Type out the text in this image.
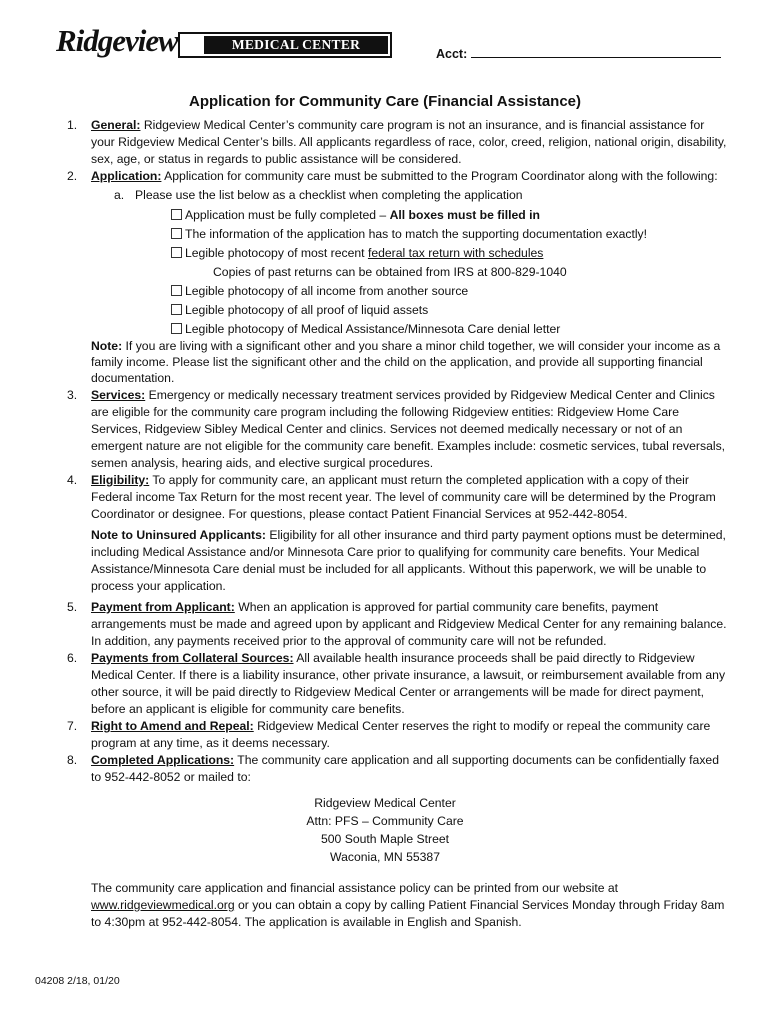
Ridgeview	MEDICAL CENTER
Acct:
Application for Community Care (Financial Assistance)
1. General: Ridgeview Medical Center’s community care program is not an insurance, and is financial assistance for your Ridgeview Medical Center’s bills. All applicants regardless of race, color, creed, religion, national origin, disability, sex, age, or status in regards to public assistance will be considered.
2. Application: Application for community care must be submitted to the Program Coordinator along with the following:
a. Please use the list below as a checklist when completing the application
Application must be fully completed – All boxes must be filled in
The information of the application has to match the supporting documentation exactly!
Legible photocopy of most recent federal tax return with schedules
Copies of past returns can be obtained from IRS at 800-829-1040
Legible photocopy of all income from another source
Legible photocopy of all proof of liquid assets
Legible photocopy of Medical Assistance/Minnesota Care denial letter
Note: If you are living with a significant other and you share a minor child together, we will consider your income as a family income. Please list the significant other and the child on the application, and provide all supporting financial documentation.
3. Services: Emergency or medically necessary treatment services provided by Ridgeview Medical Center and Clinics are eligible for the community care program including the following Ridgeview entities: Ridgeview Home Care Services, Ridgeview Sibley Medical Center and clinics. Services not deemed medically necessary or not of an emergent nature are not eligible for the community care benefit. Examples include: cosmetic services, tubal reversals, semen analysis, hearing aids, and elective surgical procedures.
4. Eligibility: To apply for community care, an applicant must return the completed application with a copy of their Federal income Tax Return for the most recent year. The level of community care will be determined by the Program Coordinator or designee. For questions, please contact Patient Financial Services at 952-442-8054.
Note to Uninsured Applicants: Eligibility for all other insurance and third party payment options must be determined, including Medical Assistance and/or Minnesota Care prior to qualifying for community care benefits. Your Medical Assistance/Minnesota Care denial must be included for all applicants. Without this paperwork, we will be unable to process your application.
5. Payment from Applicant: When an application is approved for partial community care benefits, payment arrangements must be made and agreed upon by applicant and Ridgeview Medical Center for any remaining balance. In addition, any payments received prior to the approval of community care will not be refunded.
6. Payments from Collateral Sources: All available health insurance proceeds shall be paid directly to Ridgeview Medical Center. If there is a liability insurance, other private insurance, a lawsuit, or reimbursement available from any other source, it will be paid directly to Ridgeview Medical Center or arrangements will be made for direct payment, before an applicant is eligible for community care benefits.
7. Right to Amend and Repeal: Ridgeview Medical Center reserves the right to modify or repeal the community care program at any time, as it deems necessary.
8. Completed Applications: The community care application and all supporting documents can be confidentially faxed to 952-442-8052 or mailed to:
Ridgeview Medical Center
Attn: PFS – Community Care
500 South Maple Street
Waconia, MN 55387
The community care application and financial assistance policy can be printed from our website at www.ridgeviewmedical.org or you can obtain a copy by calling Patient Financial Services Monday through Friday 8am to 4:30pm at 952-442-8054. The application is available in English and Spanish.
04208 2/18, 01/20
